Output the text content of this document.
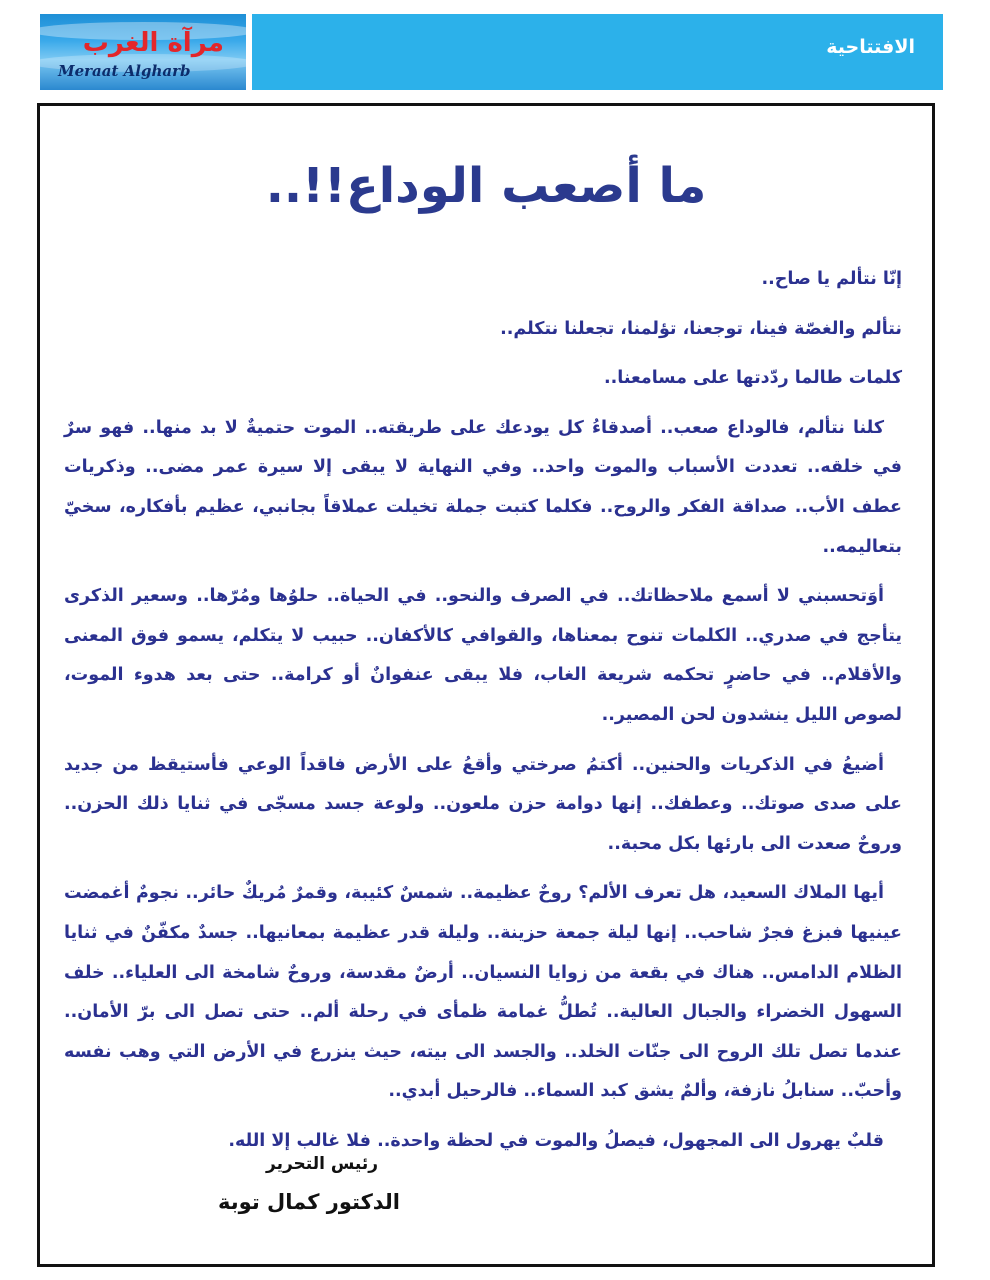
مرآة الغرب
Meraat Algharb
الافتتاحية
ما أصعب الوداع!!..

إنّا نتألم يا صاح..

نتألم والغصّة فينا، توجعنا، تؤلمنا، تجعلنا نتكلم..

كلمات طالما ردّدتها على مسامعنا..

كلنا نتألم، فالوداع صعب.. أصدقاءُ كل يودعك على طريقته.. الموت حتميةٌ لا بد منها.. فهو سرٌ في خلقه.. تعددت الأسباب والموت واحد.. وفي النهاية لا يبقى إلا سيرة عمر مضى.. وذكريات عطف الأب.. صداقة الفكر والروح.. فكلما كتبت جملة تخيلت عملاقاً بجانبي، عظيم بأفكاره، سخيّ بتعاليمه..

أوَتحسبني لا أسمع ملاحظاتك.. في الصرف والنحو.. في الحياة.. حلوُها ومُرّها.. وسعير الذكرى يتأجج في صدري.. الكلمات تنوح بمعناها، والقوافي كالأكفان.. حبيب لا يتكلم، يسمو فوق المعنى والأقلام.. في حاضرٍ تحكمه شريعة الغاب، فلا يبقى عنفوانٌ أو كرامة.. حتى بعد هدوء الموت، لصوص الليل ينشدون لحن المصير..

أضيعُ في الذكريات والحنين.. أكتمُ صرختي وأقعُ على الأرض فاقداً الوعي فأستيقظ من جديد على صدى صوتك.. وعطفك.. إنها دوامة حزن ملعون.. ولوعة جسد مسجّى في ثنايا ذلك الحزن.. وروحٌ صعدت الى بارئها بكل محبة..

أيها الملاك السعيد، هل تعرف الألم؟ روحٌ عظيمة.. شمسٌ كئيبة، وقمرٌ مُريكٌ حائر.. نجومٌ أغمضت عينيها فبزغ فجرٌ شاحب.. إنها ليلة جمعة حزينة.. وليلة قدر عظيمة بمعانيها.. جسدٌ مكفّنٌ في ثنايا الظلام الدامس.. هناك في بقعة من زوايا النسيان.. أرضٌ مقدسة، وروحٌ شامخة الى العلياء.. خلف السهول الخضراء والجبال العالية.. تُطلُّ غمامة ظمأى في رحلة ألم.. حتى تصل الى برّ الأمان.. عندما تصل تلك الروح الى جنّات الخلد.. والجسد الى بيته، حيث ينزرع في الأرض التي وهب نفسه وأحبّ.. سنابلُ نازفة، وألمٌ يشق كبد السماء.. فالرحيل أبدي..

قلبٌ يهرول الى المجهول، فيصلُ والموت في لحظة واحدة.. فلا غالب إلا الله.

رئيس التحرير
الدكتور كمال توبة
